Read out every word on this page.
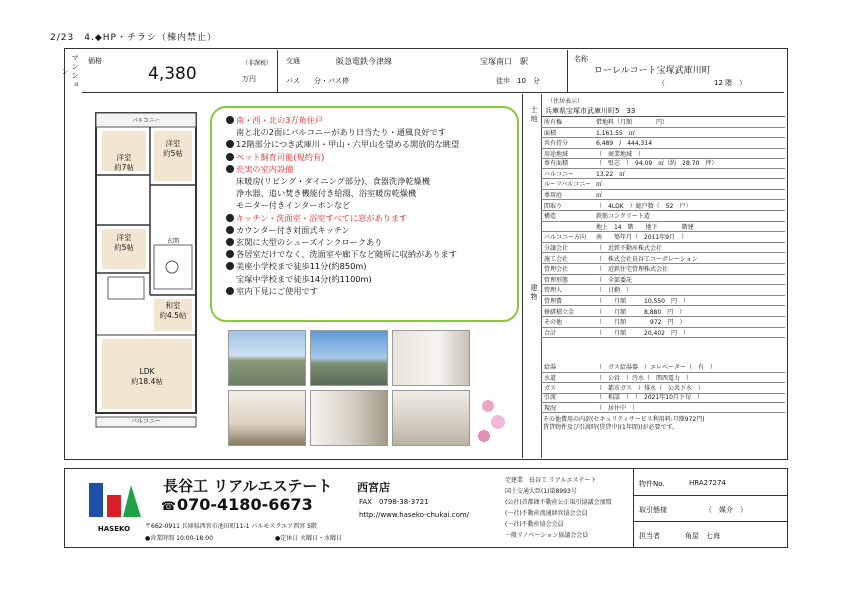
2/23　 4.◆HP・チラシ（棟内禁止）
マンション
価格	（非課税）
4,380	万円
交通	阪急電鉄今津線	宝塚南口　 駅
バス　　分・バス停	徒歩　10　分
名称
ローレルコート宝塚武庫川町
（　　　　　　　12 階　）
洋室
約7帖
洋室
約5帖
洋室
約5帖
和室
約4.5帖
LDK
約18.4帖
バルコニー
バルコニー
玄関
南・西・北の3方角住戸
南と北の2面にバルコニーがあり日当たり・通風良好です
12階部分につき武庫川・甲山・六甲山を望める開放的な眺望
ペット飼育可能(規約有)
充実の室内設備
床暖房(リビング・ダイニング部分)、食器洗浄乾燥機
浄水器、追い焚き機能付き給湯、浴室暖房乾燥機
モニター付きインターホンなど
キッチン・洗面室・浴室すべてに窓があります
カウンター付き対面式キッチン
玄関に大型のシューズインクロークあり
各居室だけでなく、洗面室や廊下など随所に収納があります
美座小学校まで徒歩11分(約850m)
宝塚中学校まで徒歩14分(約1100m)
室内下見にご使用です
土地
建物
（住居表示）
兵庫県宝塚市武庫川町5　33
所有権	借地料（月額　　　　円）
面積	1,161.55　㎡
共有持分	6,489　/　444,314
用途地域	（　商業地域　）
専有面積	（　壁芯　）　94.09　㎡（約　28.70　坪）
バルコニー	13.22　㎡
ルーフバルコニー ㎡
専用庭	㎡
間取り	（　4LDK　）総戸数（　52　戸）
構造	鉄筋コンクリート造
地上　14　階　　地下　　　　階建
バルコニー方向	南　　築年月（　2011年9月　）
分譲会社	（　近鉄不動産株式会社
施工会社	（　株式会社長谷工コーポレーション
管理会社	（　近鉄住宅管理株式会社
管理形態	（　全部委託
管理人	（　日勤　）
管理費	（　　月額　　　10,550　円　）
修繕積立金	（　　月額　　　8,880　円　）
その他	（　　月額　　　　972　円　）
合計	（　　月額　　　20,402　円　）
給湯	（　ガス給湯器　）エレベーター（　有　）
水道	（　公営　）汚水（　関西電力　）
ガス	（　都市ガス　）排水（　公共下水　）
引渡	（　相談　）　（　2021年10月下旬　）
現況	（　居住中　）
その他費用の内訳(セキュリティサービス利用料:月額972円)
賃貸物件及び引渡時(賃貸中)(1年間))が必要です。
HASEKO
長谷工 リアルエステート 西宮店
☎ 070-4180-6673	FAX　0798-38-3721
http://www.haseko-chukai.com/
〒662-0911 兵庫県西宮市池田町11-1 パルモスクエア西宮 5階
●営業時間 10:00-18:00	●定休日 火曜日・水曜日
宅建業　長谷工 リアルエステート
国土交通大臣(1)第8993号
(公社)首都圏不動産公正取引協議会加盟
(一社)不動産流通経営協会会員
(一社)不動産協会会員
一般リノベーション協議会会員
物件No.	HRA27274
取引態様	（　媒介　）
担当者	角屋　七海
